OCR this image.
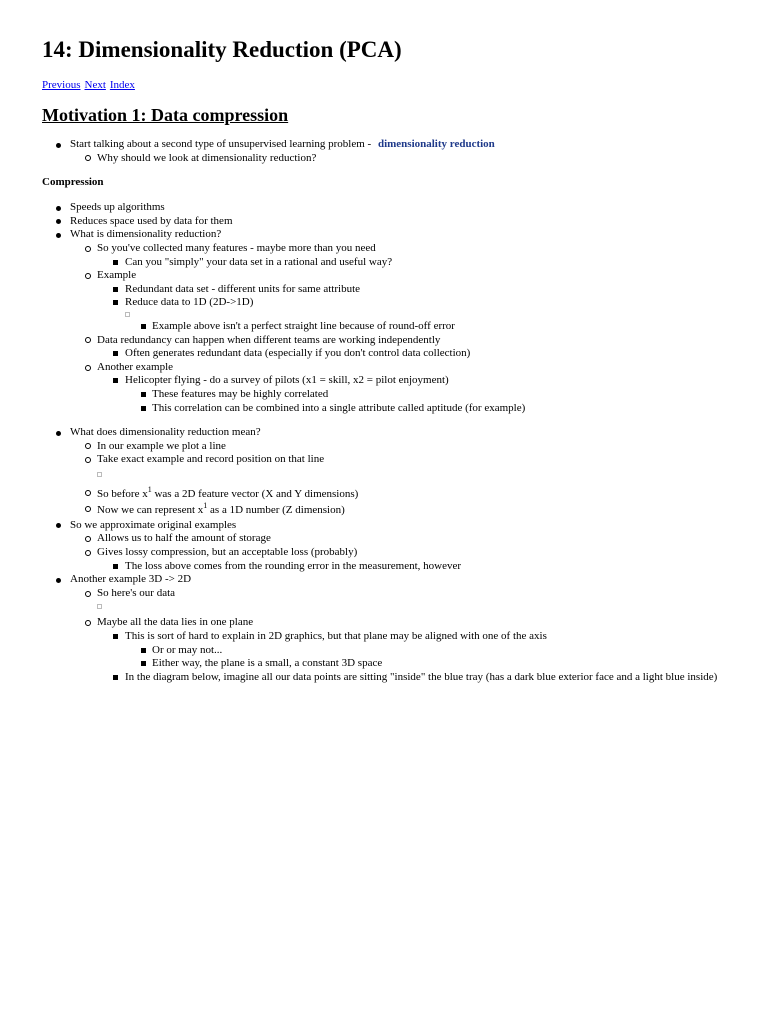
14: Dimensionality Reduction (PCA)
Previous Next Index
Motivation 1: Data compression
Start talking about a second type of unsupervised learning problem - dimensionality reduction
Why should we look at dimensionality reduction?
Compression
Speeds up algorithms
Reduces space used by data for them
What is dimensionality reduction?
So you've collected many features - maybe more than you need
Can you "simply" your data set in a rational and useful way?
Example
Redundant data set - different units for same attribute
Reduce data to 1D (2D->1D)
Example above isn't a perfect straight line because of round-off error
Data redundancy can happen when different teams are working independently
Often generates redundant data (especially if you don't control data collection)
Another example
Helicopter flying - do a survey of pilots (x1 = skill, x2 = pilot enjoyment)
These features may be highly correlated
This correlation can be combined into a single attribute called aptitude (for example)
What does dimensionality reduction mean?
In our example we plot a line
Take exact example and record position on that line
So before $x^1$ was a 2D feature vector (X and Y dimensions)
Now we can represent $x^1$ as a 1D number (Z dimension)
So we approximate original examples
Allows us to half the amount of storage
Gives lossy compression, but an acceptable loss (probably)
The loss above comes from the rounding error in the measurement, however
Another example 3D -> 2D
So here's our data
Maybe all the data lies in one plane
This is sort of hard to explain in 2D graphics, but that plane may be aligned with one of the axis
Or or may not...
Either way, the plane is a small, a constant 3D space
In the diagram below, imagine all our data points are sitting "inside" the blue tray (has a dark blue exterior face and a light blue inside)
